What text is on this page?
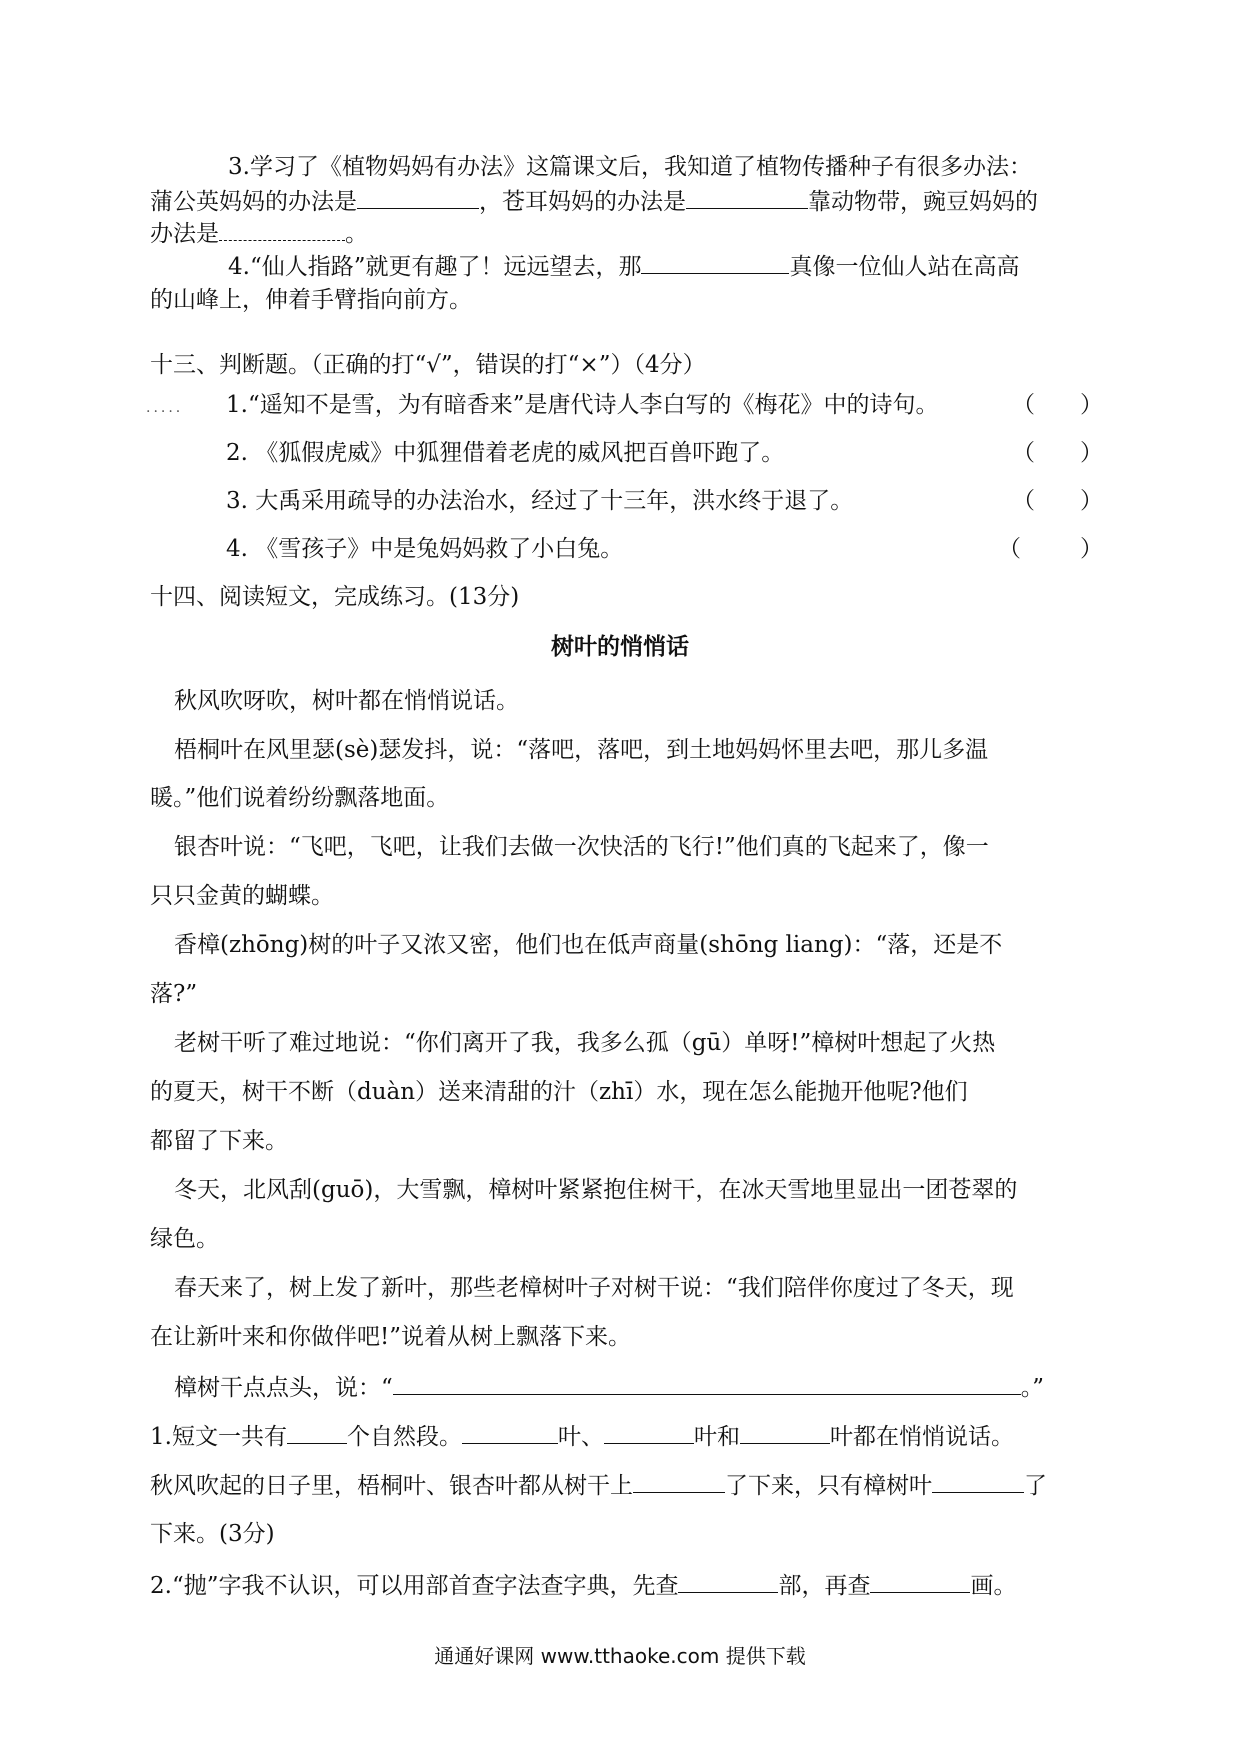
3.学习了《植物妈妈有办法》这篇课文后，我知道了植物传播种子有很多办法：
蒲公英妈妈的办法是	，苍耳妈妈的办法是	靠动物带，豌豆妈妈的
办法是	。
4.“仙人指路”就更有趣了！远远望去，那	真像一位仙人站在高高
的山峰上，伸着手臂指向前方。
十三、判断题。（正确的打“√”，错误的打“×”）（4分）
..... 1.“遥知不是雪，为有暗香来”是唐代诗人李白写的《梅花》中的诗句。	（ ）
2. 《狐假虎威》中狐狸借着老虎的威风把百兽吓跑了。	（ ）
3. 大禹采用疏导的办法治水，经过了十三年，洪水终于退了。	（ ）
4. 《雪孩子》中是兔妈妈救了小白兔。	（	）
十四、阅读短文，完成练习。(13分)
树叶的悄悄话
秋风吹呀吹，树叶都在悄悄说话。
梧桐叶在风里瑟(sè)瑟发抖，说：“落吧，落吧，到土地妈妈怀里去吧，那儿多温
暖。”他们说着纷纷飘落地面。
银杏叶说：“飞吧，飞吧，让我们去做一次快活的飞行!”他们真的飞起来了，像一
只只金黄的蝴蝶。
香樟(zhōng)树的叶子又浓又密，他们也在低声商量(shōng liang)：“落，还是不
落?”
老树干听了难过地说：“你们离开了我，我多么孤（gū）单呀!”樟树叶想起了火热
的夏天，树干不断（duàn）送来清甜的汁（zhī）水，现在怎么能抛开他呢?他们
都留了下来。
冬天，北风刮(guō)，大雪飘，樟树叶紧紧抱住树干，在冰天雪地里显出一团苍翠的
绿色。
春天来了，树上发了新叶，那些老樟树叶子对树干说：“我们陪伴你度过了冬天，现
在让新叶来和你做伴吧!”说着从树上飘落下来。
樟树干点点头，说：“	。”
1.短文一共有	个自然段。	叶、	叶和	叶都在悄悄说话。
秋风吹起的日子里，梧桐叶、银杏叶都从树干上	了下来，只有樟树叶	了
下来。(3分)
2.“抛”字我不认识，可以用部首查字法查字典，先查	部，再查	画。
通通好课网 www.tthaoke.com 提供下载
